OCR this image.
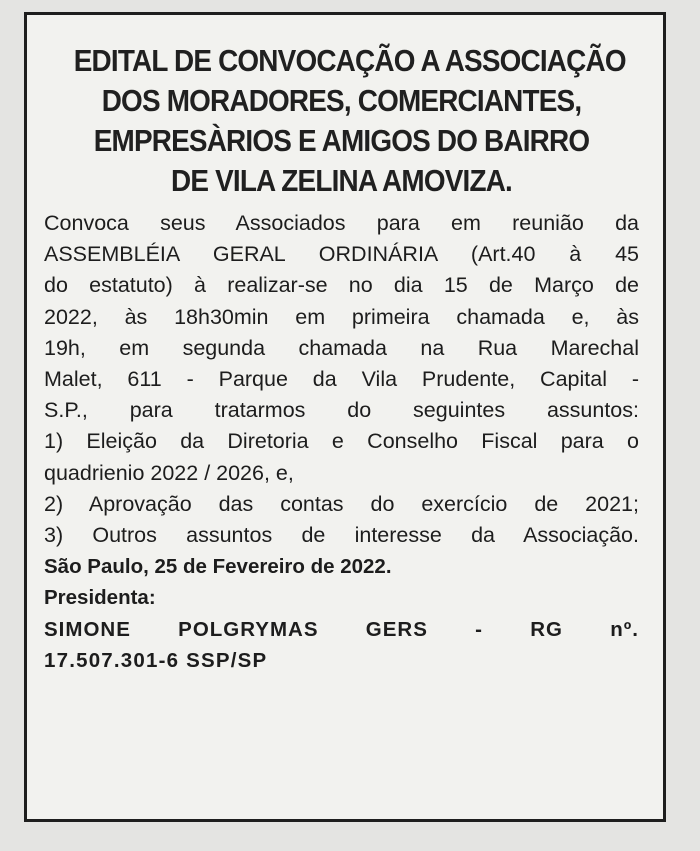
EDITAL DE CONVOCAÇÃO A ASSOCIAÇÃO
DOS MORADORES, COMERCIANTES,
EMPRESÀRIOS E AMIGOS DO BAIRRO
DE VILA ZELINA AMOVIZA.
Convoca seus Associados para em reunião da
ASSEMBLÉIA GERAL ORDINÁRIA (Art.40 à 45
do estatuto) à realizar-se no dia 15 de Março de
2022, às 18h30min em primeira chamada e, às
19h, em segunda chamada na Rua Marechal
Malet, 611 - Parque da Vila Prudente, Capital -
S.P., para tratarmos do seguintes assuntos:
1) Eleição da Diretoria e Conselho Fiscal para o
quadrienio 2022 / 2026, e,
2) Aprovação das contas do exercício de 2021;
3) Outros assuntos de interesse da Associação.
São Paulo, 25 de Fevereiro de 2022.
Presidenta:
SIMONE POLGRYMAS GERS - RG nº.
17.507.301-6 SSP/SP
